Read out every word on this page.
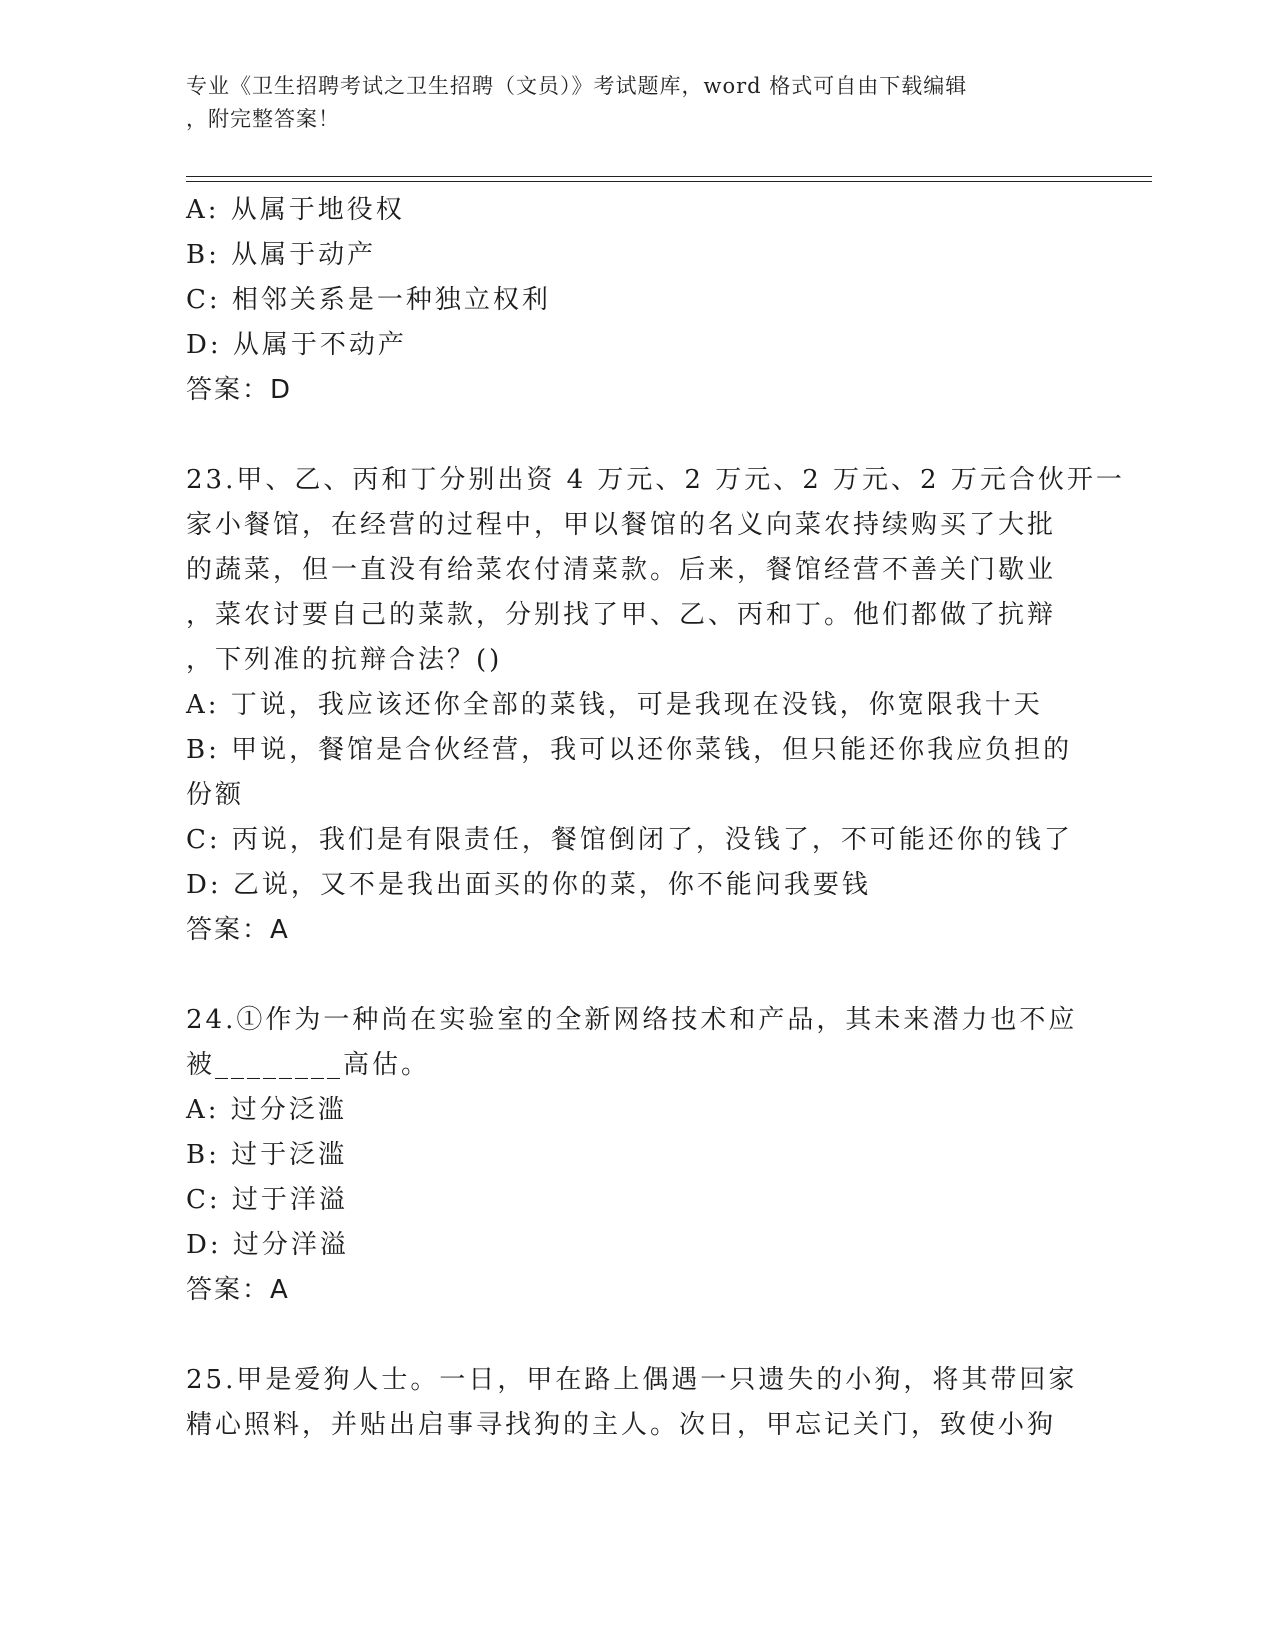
专业《卫生招聘考试之卫生招聘（文员）》考试题库，word 格式可自由下载编辑
，附完整答案！
A: 从属于地役权
B: 从属于动产
C: 相邻关系是一种独立权利
D: 从属于不动产
答案：D
23.甲、乙、丙和丁分别出资 4 万元、2 万元、2 万元、2 万元合伙开一
家小餐馆，在经营的过程中，甲以餐馆的名义向菜农持续购买了大批
的蔬菜，但一直没有给菜农付清菜款。后来，餐馆经营不善关门歇业
，菜农讨要自己的菜款，分别找了甲、乙、丙和丁。他们都做了抗辩
，下列准的抗辩合法？()
A: 丁说，我应该还你全部的菜钱，可是我现在没钱，你宽限我十天
B: 甲说，餐馆是合伙经营，我可以还你菜钱，但只能还你我应负担的
份额
C: 丙说，我们是有限责任，餐馆倒闭了，没钱了，不可能还你的钱了
D: 乙说，又不是我出面买的你的菜，你不能问我要钱
答案：A
24.①作为一种尚在实验室的全新网络技术和产品，其未来潜力也不应
被________高估。
A: 过分泛滥
B: 过于泛滥
C: 过于洋溢
D: 过分洋溢
答案：A
25.甲是爱狗人士。一日，甲在路上偶遇一只遗失的小狗，将其带回家
精心照料，并贴出启事寻找狗的主人。次日，甲忘记关门，致使小狗
